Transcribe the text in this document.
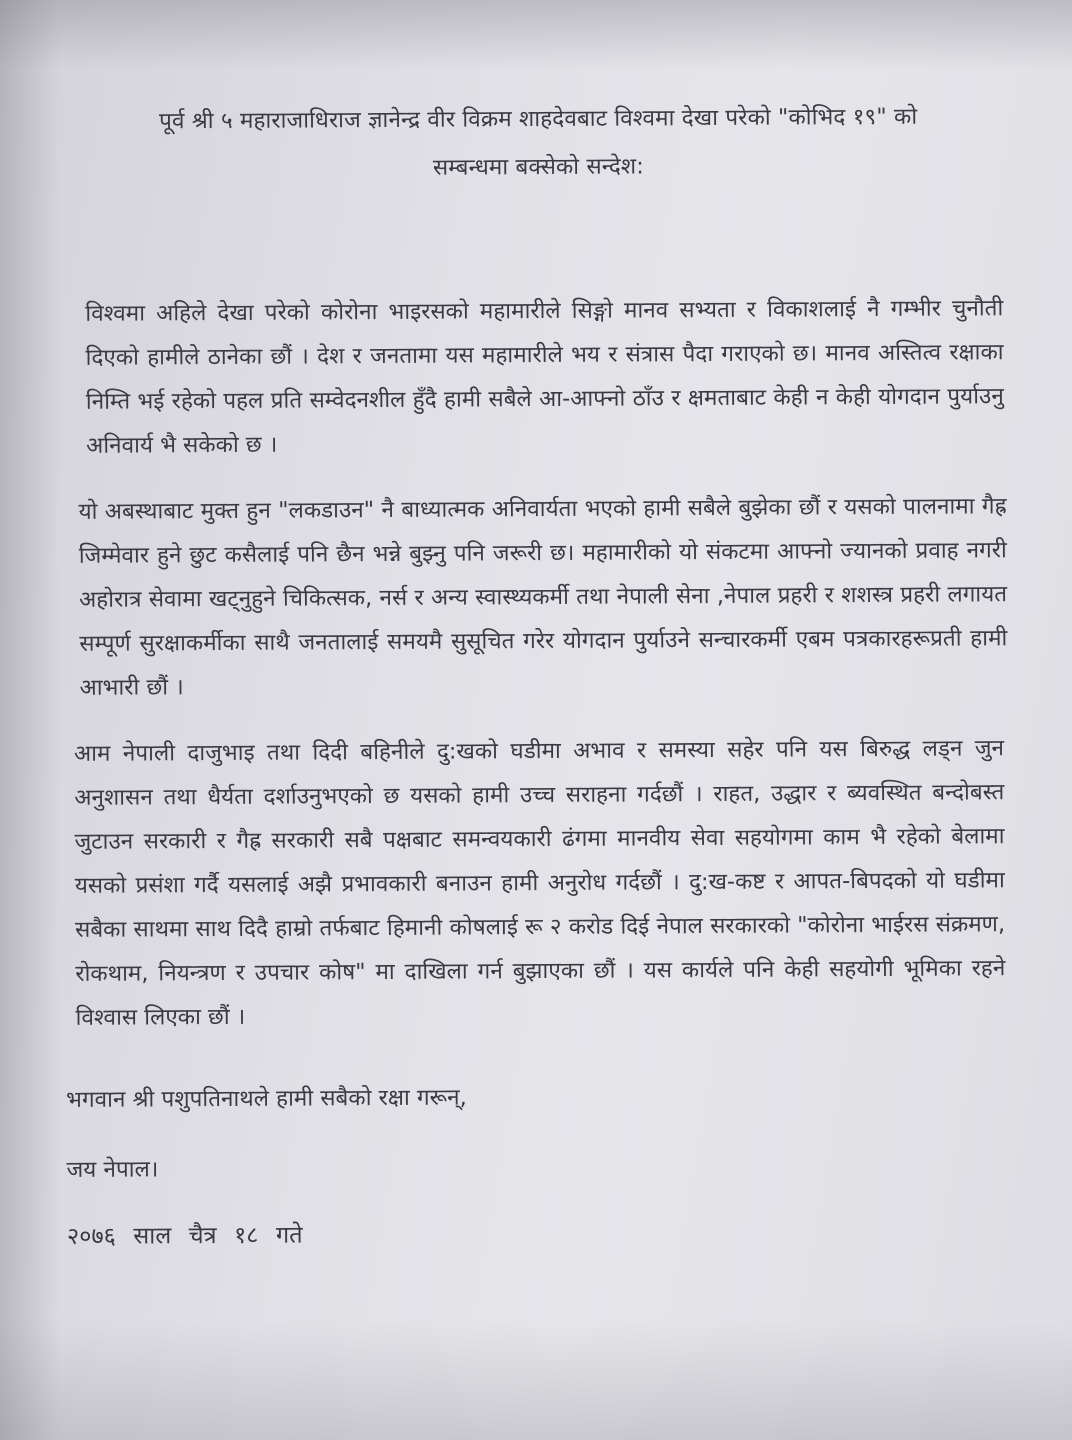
पूर्व श्री ५ महाराजाधिराज ज्ञानेन्द्र वीर विक्रम शाहदेवबाट विश्वमा देखा परेको "कोभिद १९" को
सम्बन्धमा बक्सेको सन्देश:

विश्वमा अहिले देखा परेको कोरोना भाइरसको महामारीले सिङ्गो मानव सभ्यता र विकाशलाई नै गम्भीर चुनौती दिएको हामीले ठानेका छौं । देश र जनतामा यस महामारीले भय र संत्रास पैदा गराएको छ। मानव अस्तित्व रक्षाका निम्ति भई रहेको पहल प्रति सम्वेदनशील हुँदै हामी सबैले आ-आफ्नो ठाँउ र क्षमताबाट केही न केही योगदान पुर्याउनु अनिवार्य भै सकेको छ ।

यो अबस्थाबाट मुक्त हुन "लकडाउन" नै बाध्यात्मक अनिवार्यता भएको हामी सबैले बुझेका छौं र यसको पालनामा गैह्र जिम्मेवार हुने छुट कसैलाई पनि छैन भन्ने बुझ्नु पनि जरूरी छ। महामारीको यो संकटमा आफ्नो ज्यानको प्रवाह नगरी अहोरात्र सेवामा खट्नुहुने चिकित्सक, नर्स र अन्य स्वास्थ्यकर्मी तथा नेपाली सेना ,नेपाल प्रहरी र शशस्त्र प्रहरी लगायत सम्पूर्ण सुरक्षाकर्मीका साथै जनतालाई समयमै सुसूचित गरेर योगदान पुर्याउने सन्चारकर्मी एबम पत्रकारहरूप्रती हामी आभारी छौं ।

आम नेपाली दाजुभाइ तथा दिदी बहिनीले दु:खको घडीमा अभाव र समस्या सहेर पनि यस बिरुद्ध लड्न जुन अनुशासन तथा धैर्यता दर्शाउनुभएको छ यसको हामी उच्च सराहना गर्दछौं । राहत, उद्धार र ब्यवस्थित बन्दोबस्त जुटाउन सरकारी र गैह्र सरकारी सबै पक्षबाट समन्वयकारी ढंगमा मानवीय सेवा सहयोगमा काम भै रहेको बेलामा यसको प्रसंशा गर्दै यसलाई अझै प्रभावकारी बनाउन हामी अनुरोध गर्दछौं । दु:ख-कष्ट र आपत-बिपदको यो घडीमा सबैका साथमा साथ दिदै हाम्रो तर्फबाट हिमानी कोषलाई रू २ करोड दिई नेपाल सरकारको "कोरोना भाईरस संक्रमण, रोकथाम, नियन्त्रण र उपचार कोष" मा दाखिला गर्न बुझाएका छौं । यस कार्यले पनि केही सहयोगी भूमिका रहने विश्वास लिएका छौं ।

भगवान श्री पशुपतिनाथले हामी सबैको रक्षा गरून्,
जय नेपाल।
२०७६ साल चैत्र १८ गते
